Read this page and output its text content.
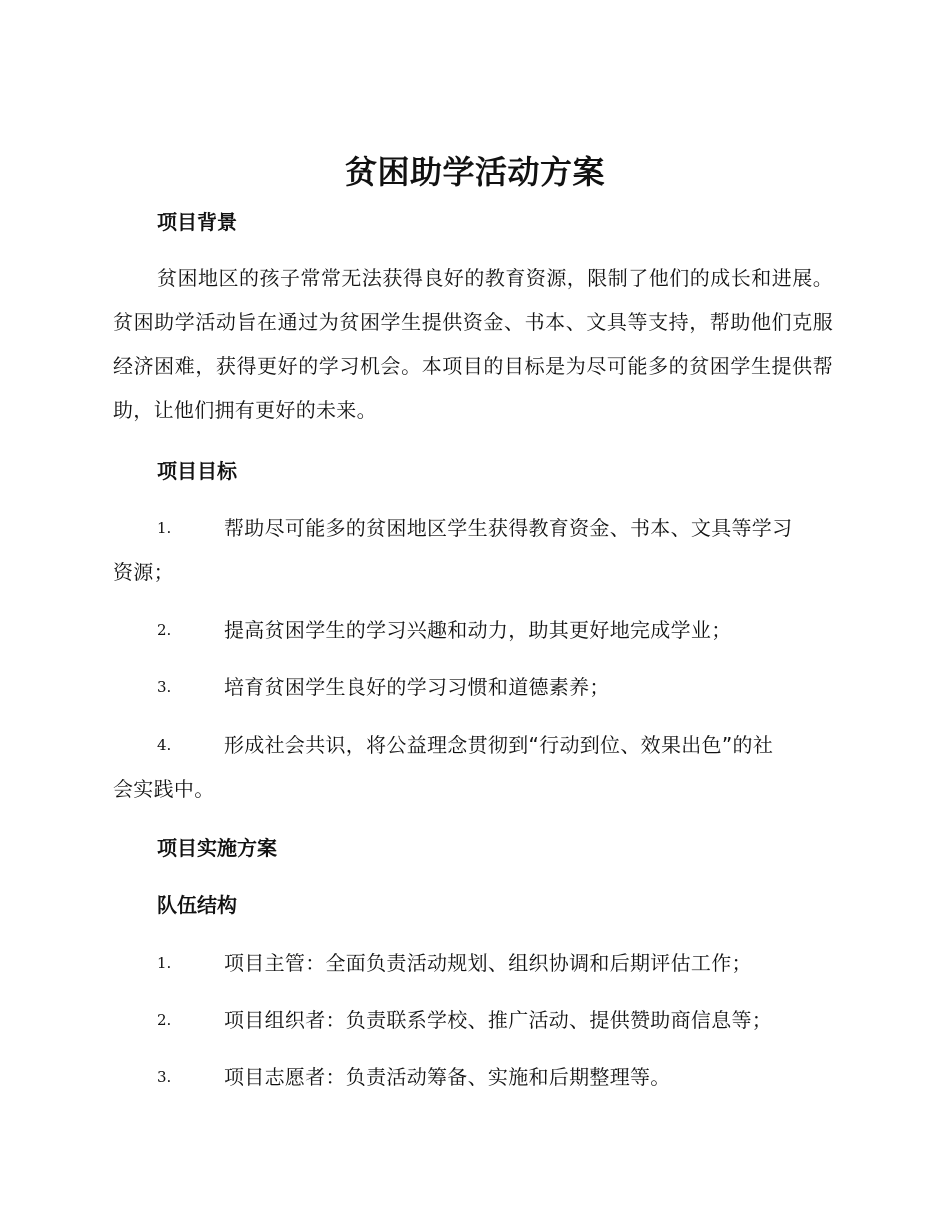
贫困助学活动方案
项目背景
贫困地区的孩子常常无法获得良好的教育资源，限制了他们的成长和进展。贫困助学活动旨在通过为贫困学生提供资金、书本、文具等支持，帮助他们克服经济困难，获得更好的学习机会。本项目的目标是为尽可能多的贫困学生提供帮助，让他们拥有更好的未来。
项目目标
1.	帮助尽可能多的贫困地区学生获得教育资金、书本、文具等学习
资源；
2.	提高贫困学生的学习兴趣和动力，助其更好地完成学业；
3.	培育贫困学生良好的学习习惯和道德素养；
4.	形成社会共识，将公益理念贯彻到“行动到位、效果出色”的社
会实践中。
项目实施方案
队伍结构
1.	项目主管：全面负责活动规划、组织协调和后期评估工作；
2.	项目组织者：负责联系学校、推广活动、提供赞助商信息等；
3.	项目志愿者：负责活动筹备、实施和后期整理等。
